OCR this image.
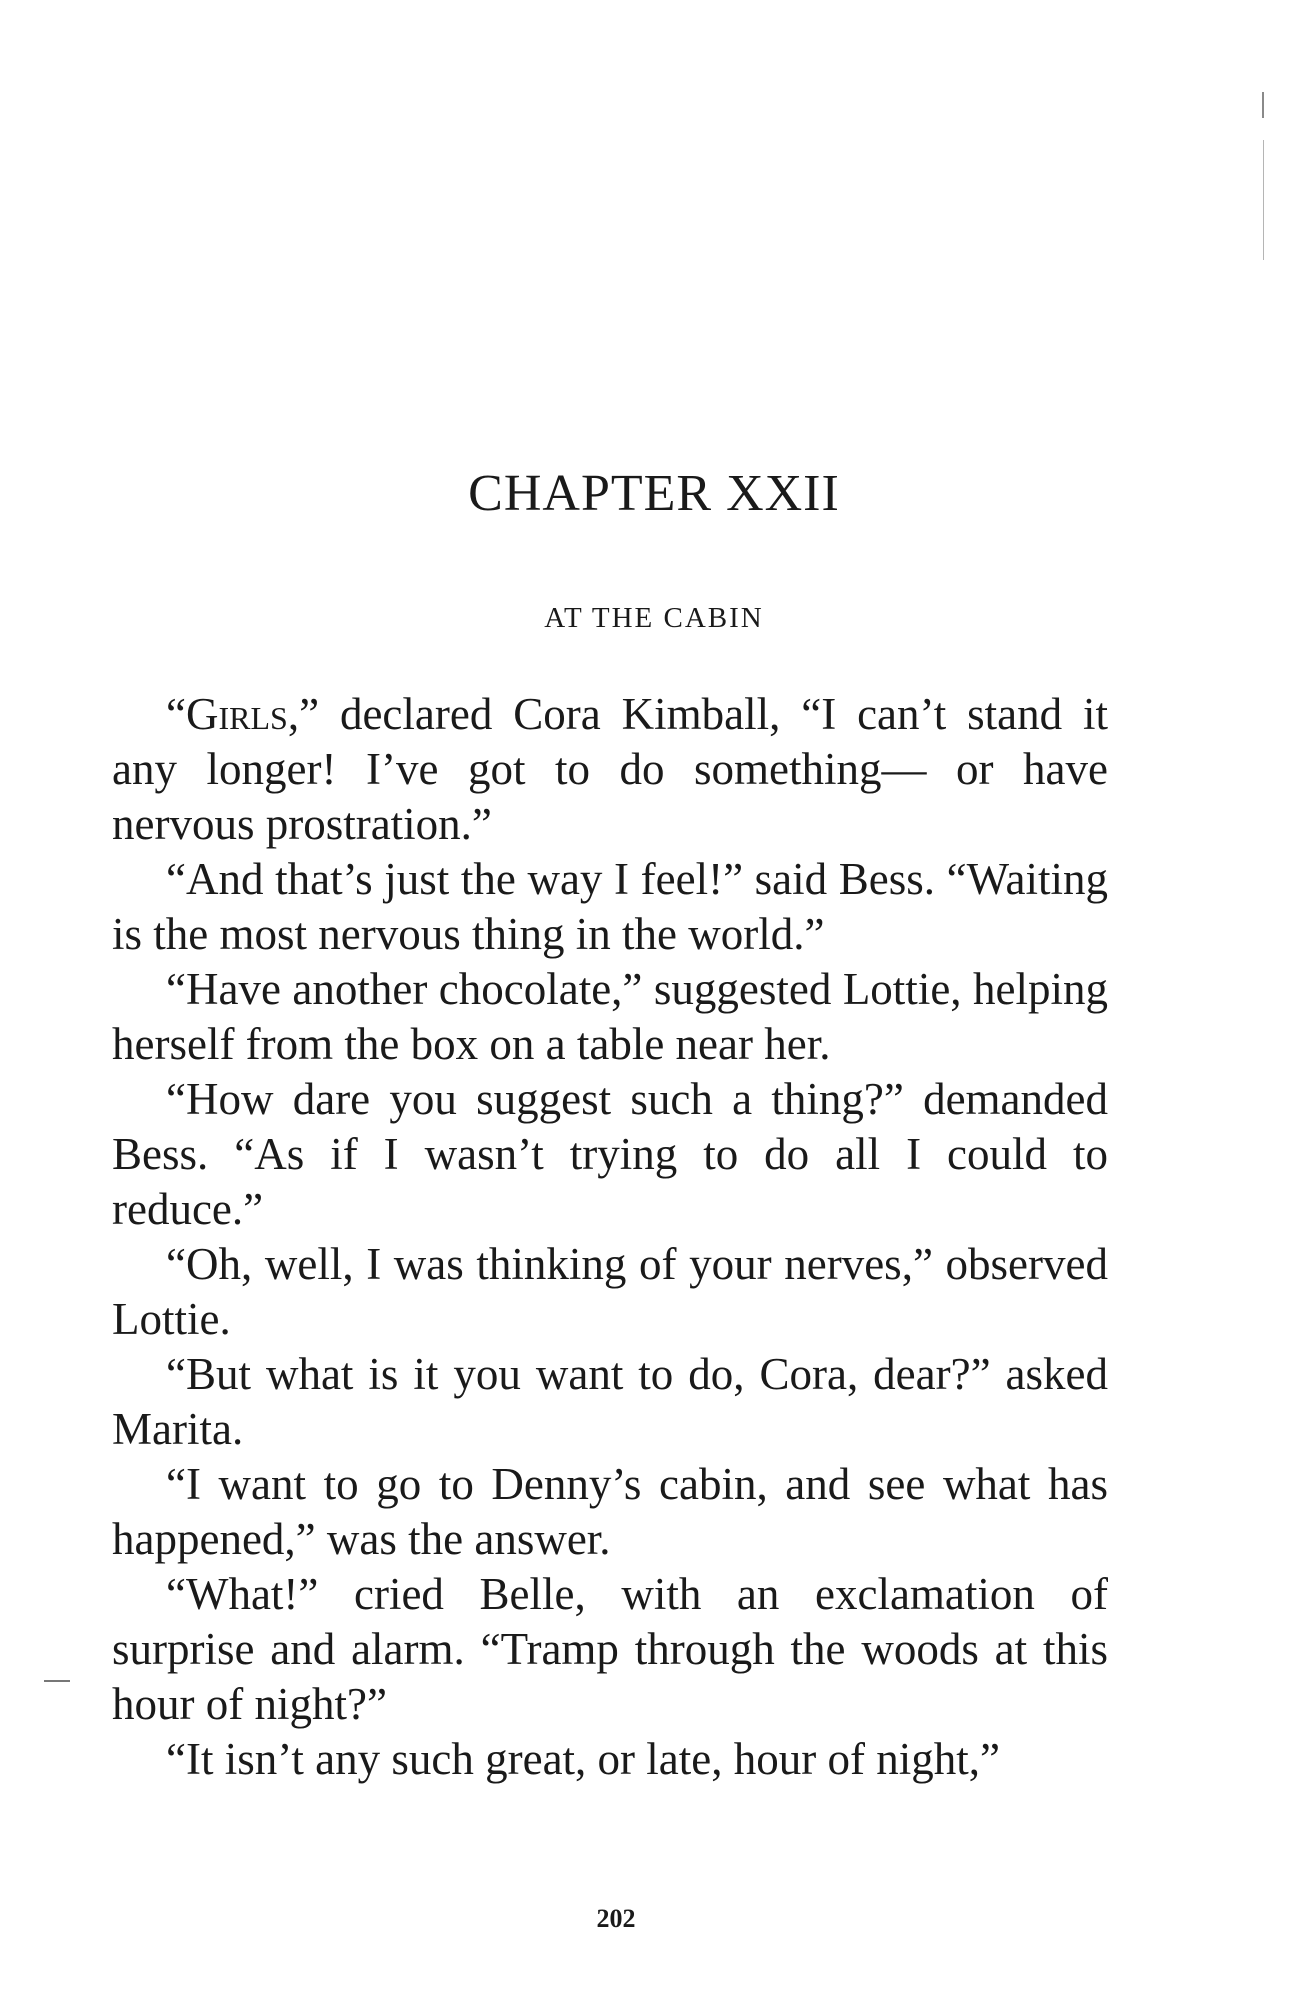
CHAPTER XXII
AT THE CABIN

“Girls,” declared Cora Kimball, “I can’t stand it any longer! I’ve got to do something— or have nervous prostration.”

“And that’s just the way I feel!” said Bess. “Waiting is the most nervous thing in the world.”

“Have another chocolate,” suggested Lottie, helping herself from the box on a table near her.

“How dare you suggest such a thing?” demanded Bess. “As if I wasn’t trying to do all I could to reduce.”

“Oh, well, I was thinking of your nerves,” observed Lottie.

“But what is it you want to do, Cora, dear?” asked Marita.

“I want to go to Denny’s cabin, and see what has happened,” was the answer.

“What!” cried Belle, with an exclamation of surprise and alarm. “Tramp through the woods at this hour of night?”

“It isn’t any such great, or late, hour of night,”

202
